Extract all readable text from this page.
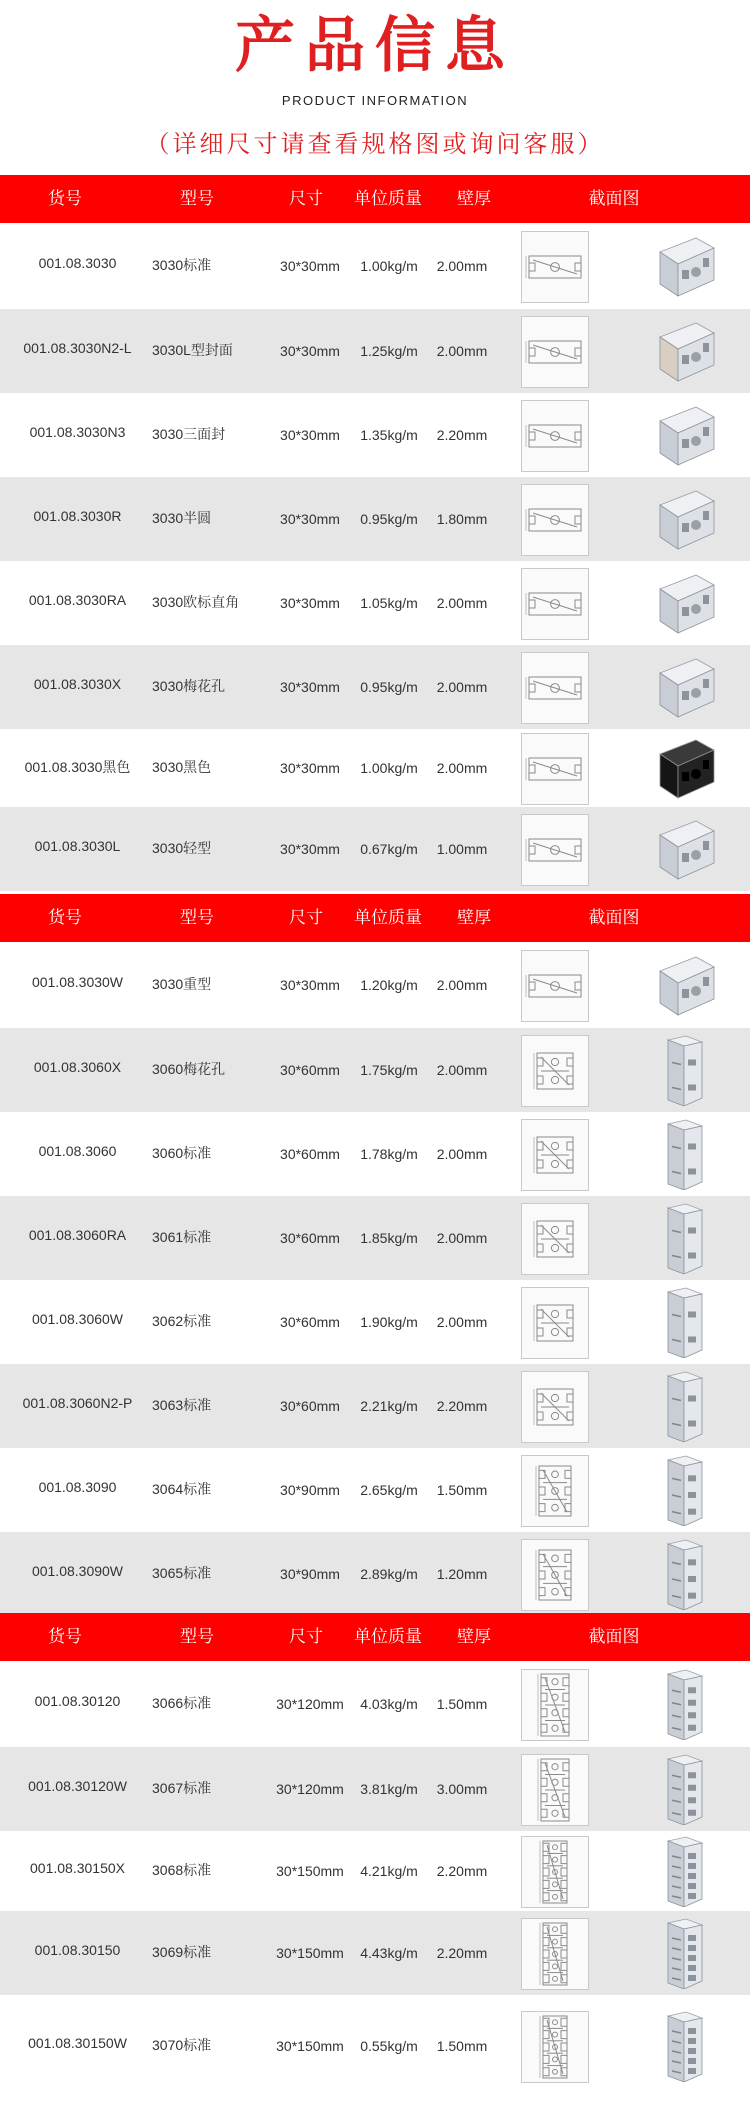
产品信息
PRODUCT INFORMATION
（详细尺寸请查看规格图或询问客服）
货号	型号	尺寸	单位质量	壁厚	截面图
001.08.3030	3030标准	30*30mm	1.00kg/m	2.00mm
001.08.3030N2-L	3030L型封面	30*30mm	1.25kg/m	2.00mm
001.08.3030N3	3030三面封	30*30mm	1.35kg/m	2.20mm
001.08.3030R	3030半圆	30*30mm	0.95kg/m	1.80mm
001.08.3030RA	3030欧标直角	30*30mm	1.05kg/m	2.00mm
001.08.3030X	3030梅花孔	30*30mm	0.95kg/m	2.00mm
001.08.3030黑色	3030黑色	30*30mm	1.00kg/m	2.00mm
001.08.3030L	3030轻型	30*30mm	0.67kg/m	1.00mm
货号	型号	尺寸	单位质量	壁厚	截面图
001.08.3030W	3030重型	30*30mm	1.20kg/m	2.00mm
001.08.3060X	3060梅花孔	30*60mm	1.75kg/m	2.00mm
001.08.3060	3060标准	30*60mm	1.78kg/m	2.00mm
001.08.3060RA	3061标准	30*60mm	1.85kg/m	2.00mm
001.08.3060W	3062标准	30*60mm	1.90kg/m	2.00mm
001.08.3060N2-P	3063标准	30*60mm	2.21kg/m	2.20mm
001.08.3090	3064标准	30*90mm	2.65kg/m	1.50mm
001.08.3090W	3065标准	30*90mm	2.89kg/m	1.20mm
货号	型号	尺寸	单位质量	壁厚	截面图
001.08.30120	3066标准	30*120mm	4.03kg/m	1.50mm
001.08.30120W	3067标准	30*120mm	3.81kg/m	3.00mm
001.08.30150X	3068标准	30*150mm	4.21kg/m	2.20mm
001.08.30150	3069标准	30*150mm	4.43kg/m	2.20mm
001.08.30150W	3070标准	30*150mm	0.55kg/m	1.50mm
